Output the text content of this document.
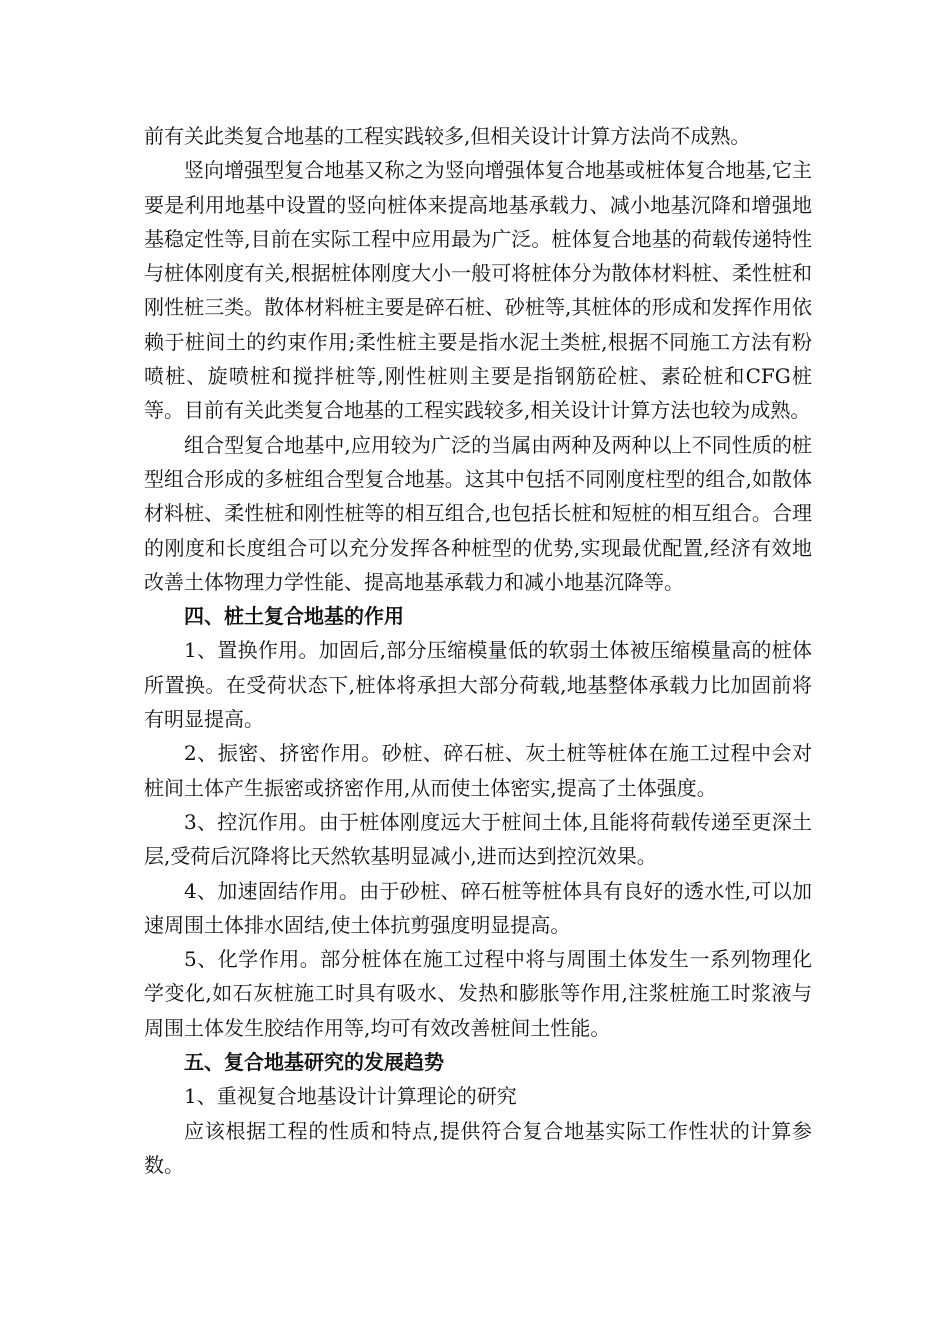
前有关此类复合地基的工程实践较多,但相关设计计算方法尚不成熟。

竖向增强型复合地基又称之为竖向增强体复合地基或桩体复合地基,它主要是利用地基中设置的竖向桩体来提高地基承载力、减小地基沉降和增强地基稳定性等,目前在实际工程中应用最为广泛。桩体复合地基的荷载传递特性与桩体刚度有关,根据桩体刚度大小一般可将桩体分为散体材料桩、柔性桩和刚性桩三类。散体材料桩主要是碎石桩、砂桩等,其桩体的形成和发挥作用依赖于桩间土的约束作用;柔性桩主要是指水泥土类桩,根据不同施工方法有粉喷桩、旋喷桩和搅拌桩等,刚性桩则主要是指钢筋砼桩、素砼桩和CFG桩等。目前有关此类复合地基的工程实践较多,相关设计计算方法也较为成熟。

组合型复合地基中,应用较为广泛的当属由两种及两种以上不同性质的桩型组合形成的多桩组合型复合地基。这其中包括不同刚度柱型的组合,如散体材料桩、柔性桩和刚性桩等的相互组合,也包括长桩和短桩的相互组合。合理的刚度和长度组合可以充分发挥各种桩型的优势,实现最优配置,经济有效地改善土体物理力学性能、提高地基承载力和减小地基沉降等。

四、桩土复合地基的作用

1、置换作用。加固后,部分压缩模量低的软弱土体被压缩模量高的桩体所置换。在受荷状态下,桩体将承担大部分荷载,地基整体承载力比加固前将有明显提高。

2、振密、挤密作用。砂桩、碎石桩、灰土桩等桩体在施工过程中会对桩间土体产生振密或挤密作用,从而使土体密实,提高了土体强度。

3、控沉作用。由于桩体刚度远大于桩间土体,且能将荷载传递至更深土层,受荷后沉降将比天然软基明显减小,进而达到控沉效果。

4、加速固结作用。由于砂桩、碎石桩等桩体具有良好的透水性,可以加速周围土体排水固结,使土体抗剪强度明显提高。

5、化学作用。部分桩体在施工过程中将与周围土体发生一系列物理化学变化,如石灰桩施工时具有吸水、发热和膨胀等作用,注浆桩施工时浆液与周围土体发生胶结作用等,均可有效改善桩间土性能。

五、复合地基研究的发展趋势

1、重视复合地基设计计算理论的研究

应该根据工程的性质和特点,提供符合复合地基实际工作性状的计算参数。
